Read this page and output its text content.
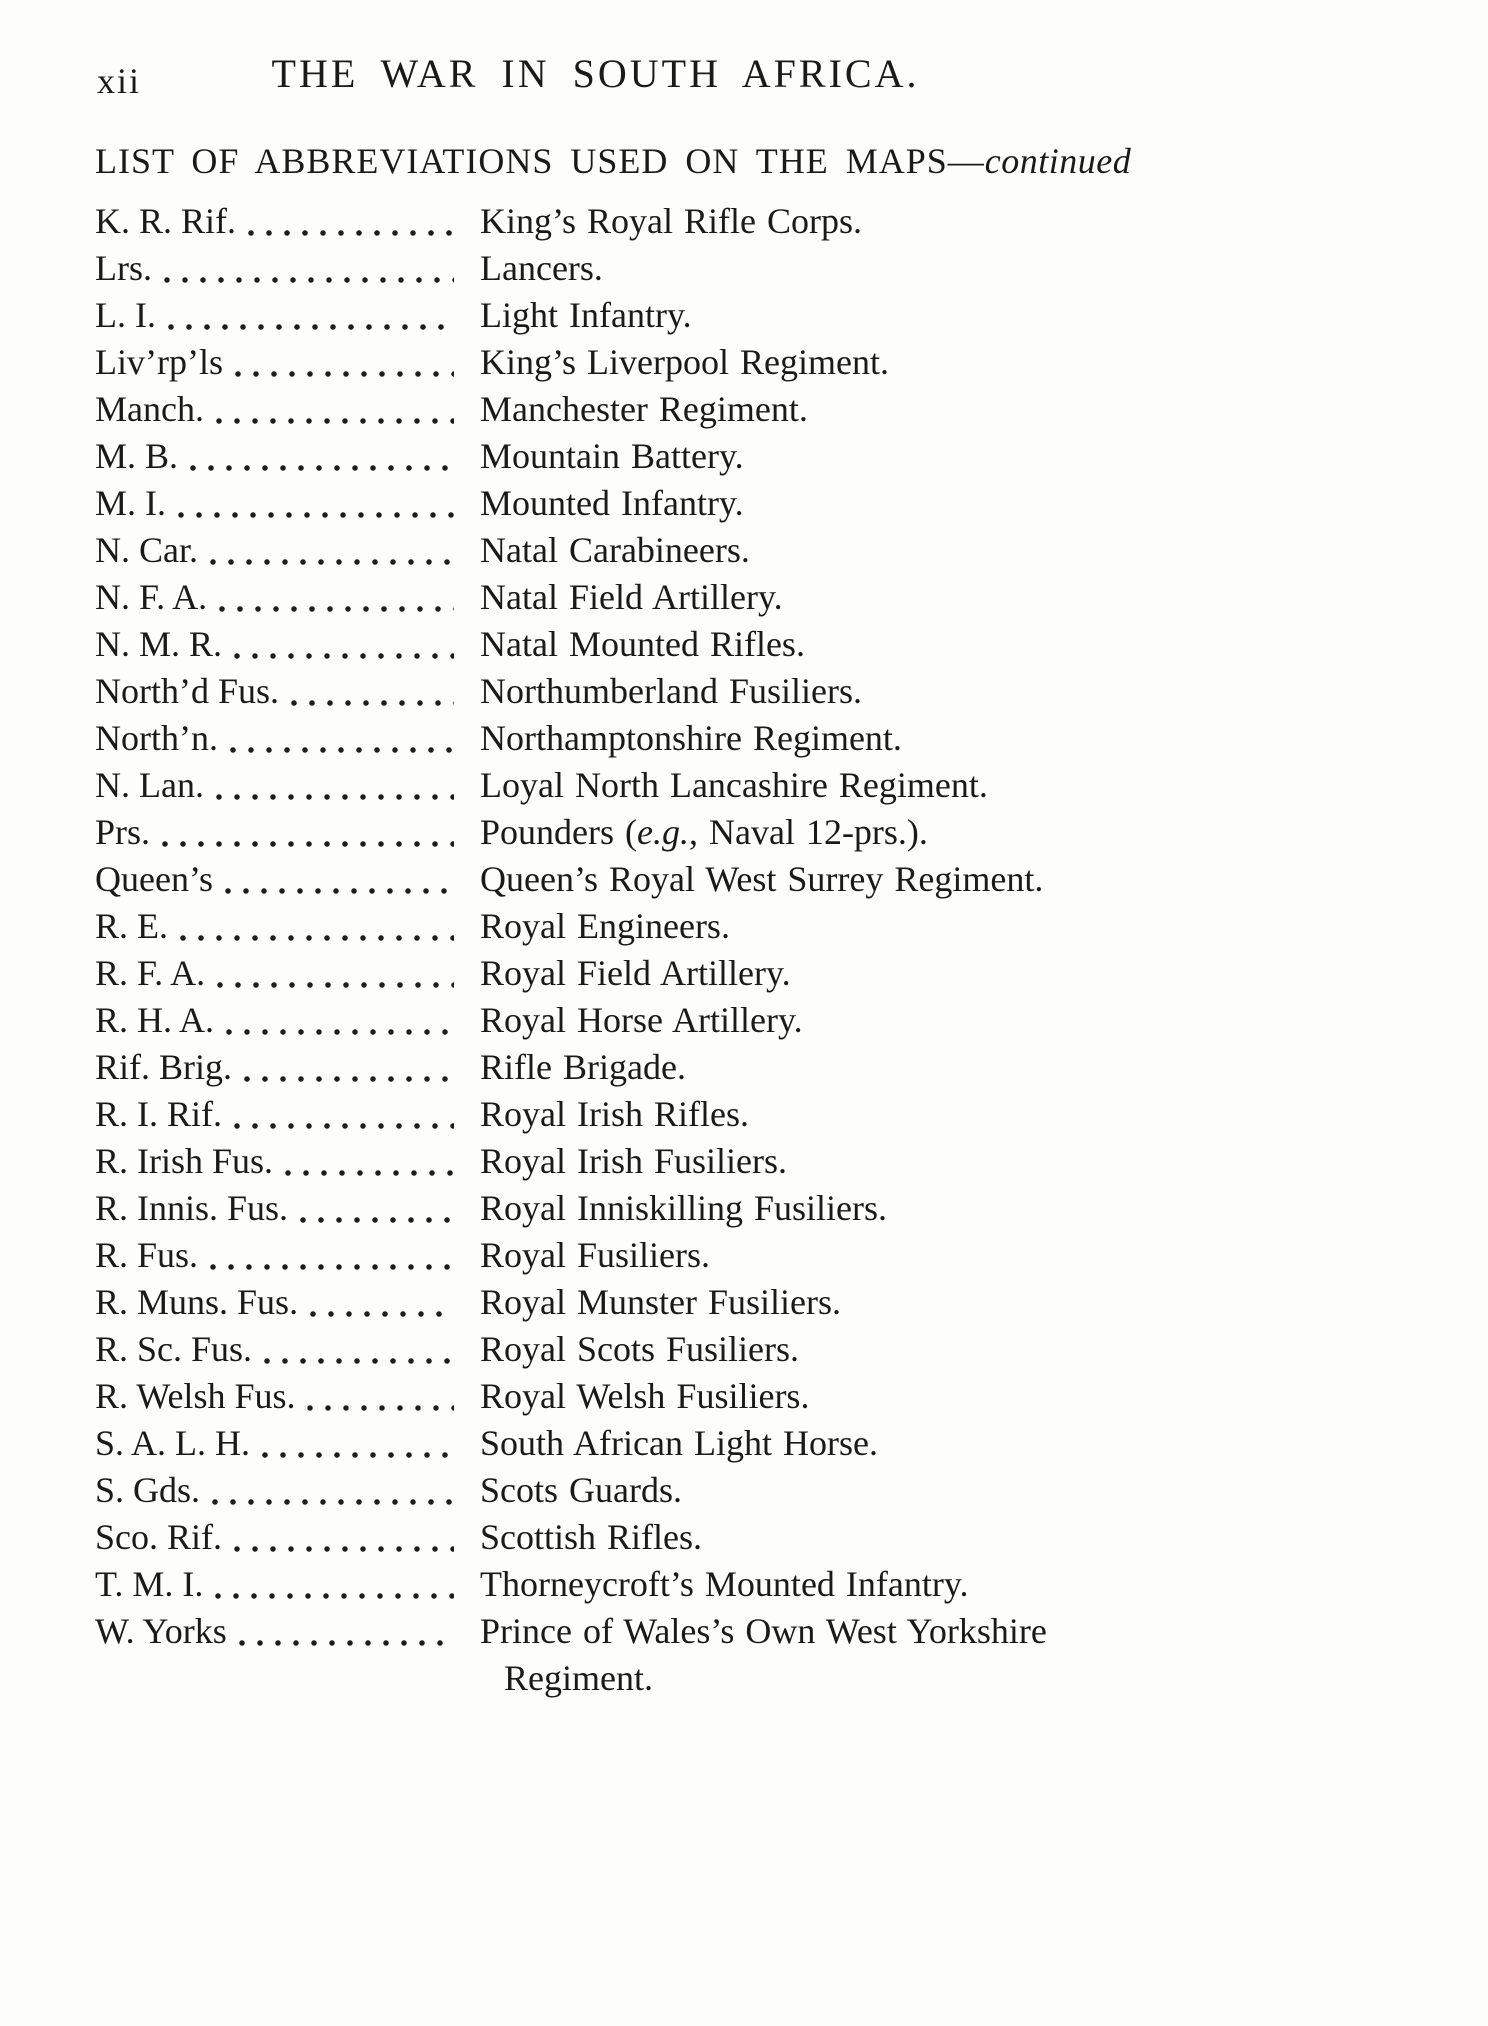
xii	THE WAR IN SOUTH AFRICA.
LIST OF ABBREVIATIONS USED ON THE MAPS—continued
K. R. Rif.	King’s Royal Rifle Corps.
Lrs.	Lancers.
L. I.	Light Infantry.
Liv’rp’ls	King’s Liverpool Regiment.
Manch.	Manchester Regiment.
M. B.	Mountain Battery.
M. I.	Mounted Infantry.
N. Car.	Natal Carabineers.
N. F. A.	Natal Field Artillery.
N. M. R.	Natal Mounted Rifles.
North’d Fus.	Northumberland Fusiliers.
North’n.	Northamptonshire Regiment.
N. Lan.	Loyal North Lancashire Regiment.
Prs.	Pounders (e.g., Naval 12-prs.).
Queen’s	Queen’s Royal West Surrey Regiment.
R. E.	Royal Engineers.
R. F. A.	Royal Field Artillery.
R. H. A.	Royal Horse Artillery.
Rif. Brig.	Rifle Brigade.
R. I. Rif.	Royal Irish Rifles.
R. Irish Fus.	Royal Irish Fusiliers.
R. Innis. Fus.	Royal Inniskilling Fusiliers.
R. Fus.	Royal Fusiliers.
R. Muns. Fus.	Royal Munster Fusiliers.
R. Sc. Fus.	Royal Scots Fusiliers.
R. Welsh Fus.	Royal Welsh Fusiliers.
S. A. L. H.	South African Light Horse.
S. Gds.	Scots Guards.
Sco. Rif.	Scottish Rifles.
T. M. I.	Thorneycroft’s Mounted Infantry.
W. Yorks	Prince of Wales’s Own West Yorkshire Regiment.
